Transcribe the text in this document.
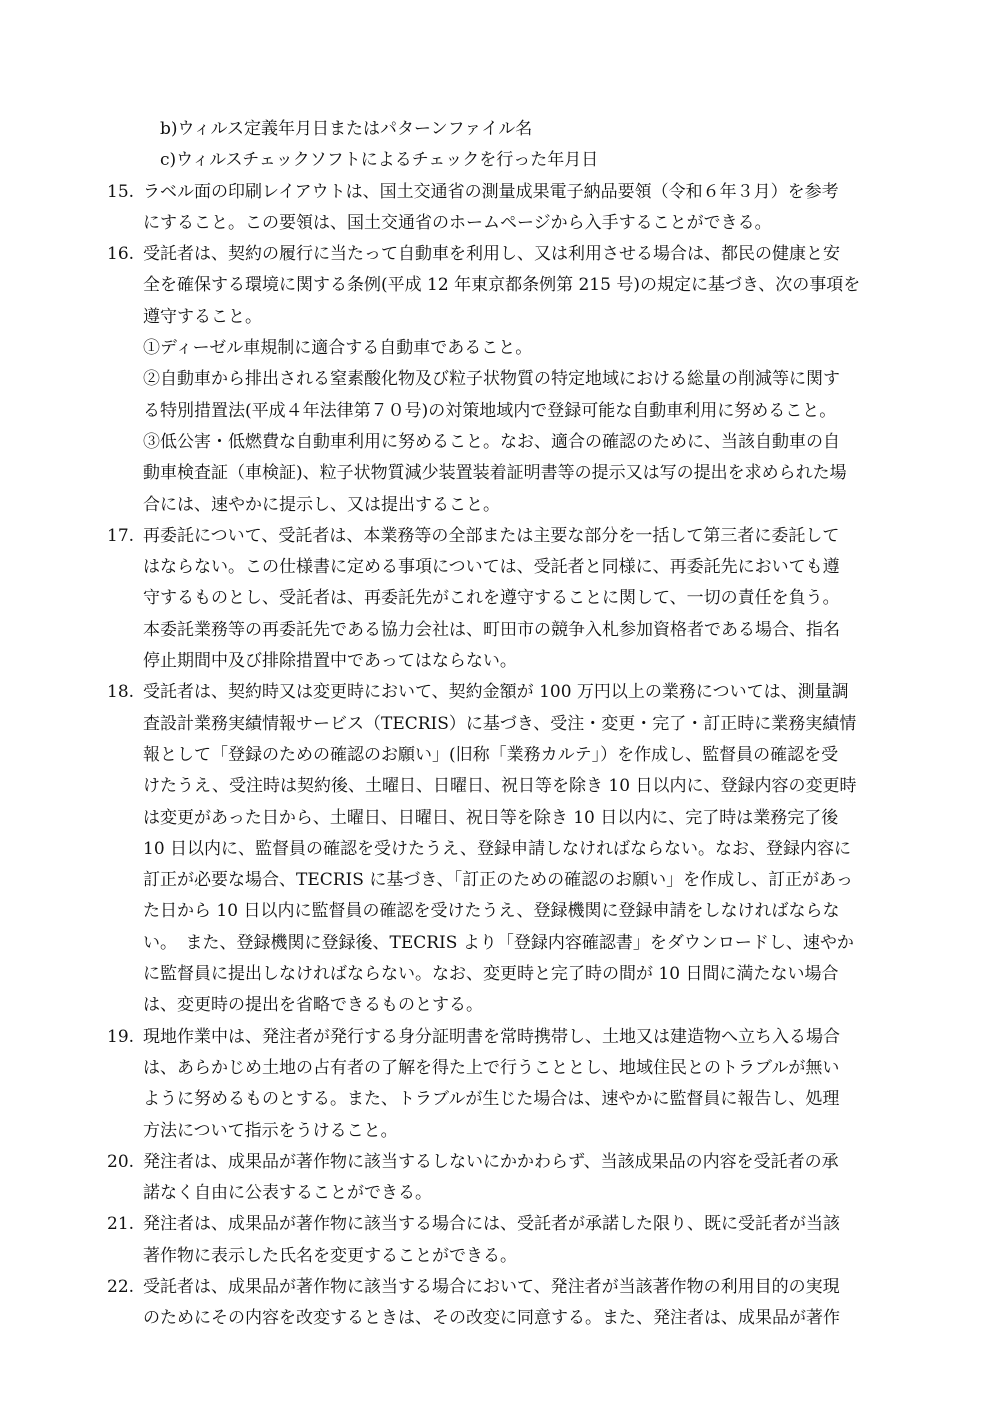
b)ウィルス定義年月日またはパターンファイル名
c)ウィルスチェックソフトによるチェックを行った年月日
15. ラベル面の印刷レイアウトは、国土交通省の測量成果電子納品要領（令和６年３月）を参考
にすること。この要領は、国土交通省のホームページから入手することができる。
16. 受託者は、契約の履行に当たって自動車を利用し、又は利用させる場合は、都民の健康と安
全を確保する環境に関する条例(平成 12 年東京都条例第 215 号)の規定に基づき、次の事項を
遵守すること。
①ディーゼル車規制に適合する自動車であること。
②自動車から排出される窒素酸化物及び粒子状物質の特定地域における総量の削減等に関す
る特別措置法(平成４年法律第７０号)の対策地域内で登録可能な自動車利用に努めること。
③低公害・低燃費な自動車利用に努めること。なお、適合の確認のために、当該自動車の自
動車検査証（車検証)、粒子状物質減少装置装着証明書等の提示又は写の提出を求められた場
合には、速やかに提示し、又は提出すること。
17. 再委託について、受託者は、本業務等の全部または主要な部分を一括して第三者に委託して
はならない。この仕様書に定める事項については、受託者と同様に、再委託先においても遵
守するものとし、受託者は、再委託先がこれを遵守することに関して、一切の責任を負う。
本委託業務等の再委託先である協力会社は、町田市の競争入札参加資格者である場合、指名
停止期間中及び排除措置中であってはならない。
18. 受託者は、契約時又は変更時において、契約金額が 100 万円以上の業務については、測量調
査設計業務実績情報サービス（TECRIS）に基づき、受注・変更・完了・訂正時に業務実績情
報として「登録のための確認のお願い」(旧称「業務カルテ」）を作成し、監督員の確認を受
けたうえ、受注時は契約後、土曜日、日曜日、祝日等を除き 10 日以内に、登録内容の変更時
は変更があった日から、土曜日、日曜日、祝日等を除き 10 日以内に、完了時は業務完了後
10 日以内に、監督員の確認を受けたうえ、登録申請しなければならない。なお、登録内容に
訂正が必要な場合、TECRIS に基づき、「訂正のための確認のお願い」を作成し、訂正があっ
た日から 10 日以内に監督員の確認を受けたうえ、登録機関に登録申請をしなければならな
い。　また、登録機関に登録後、TECRIS より「登録内容確認書」をダウンロードし、速やか
に監督員に提出しなければならない。なお、変更時と完了時の間が 10 日間に満たない場合
は、変更時の提出を省略できるものとする。
19. 現地作業中は、発注者が発行する身分証明書を常時携帯し、土地又は建造物へ立ち入る場合
は、あらかじめ土地の占有者の了解を得た上で行うこととし、地域住民とのトラブルが無い
ように努めるものとする。また、トラブルが生じた場合は、速やかに監督員に報告し、処理
方法について指示をうけること。
20. 発注者は、成果品が著作物に該当するしないにかかわらず、当該成果品の内容を受託者の承
諾なく自由に公表することができる。
21. 発注者は、成果品が著作物に該当する場合には、受託者が承諾した限り、既に受託者が当該
著作物に表示した氏名を変更することができる。
22. 受託者は、成果品が著作物に該当する場合において、発注者が当該著作物の利用目的の実現
のためにその内容を改変するときは、その改変に同意する。また、発注者は、成果品が著作
